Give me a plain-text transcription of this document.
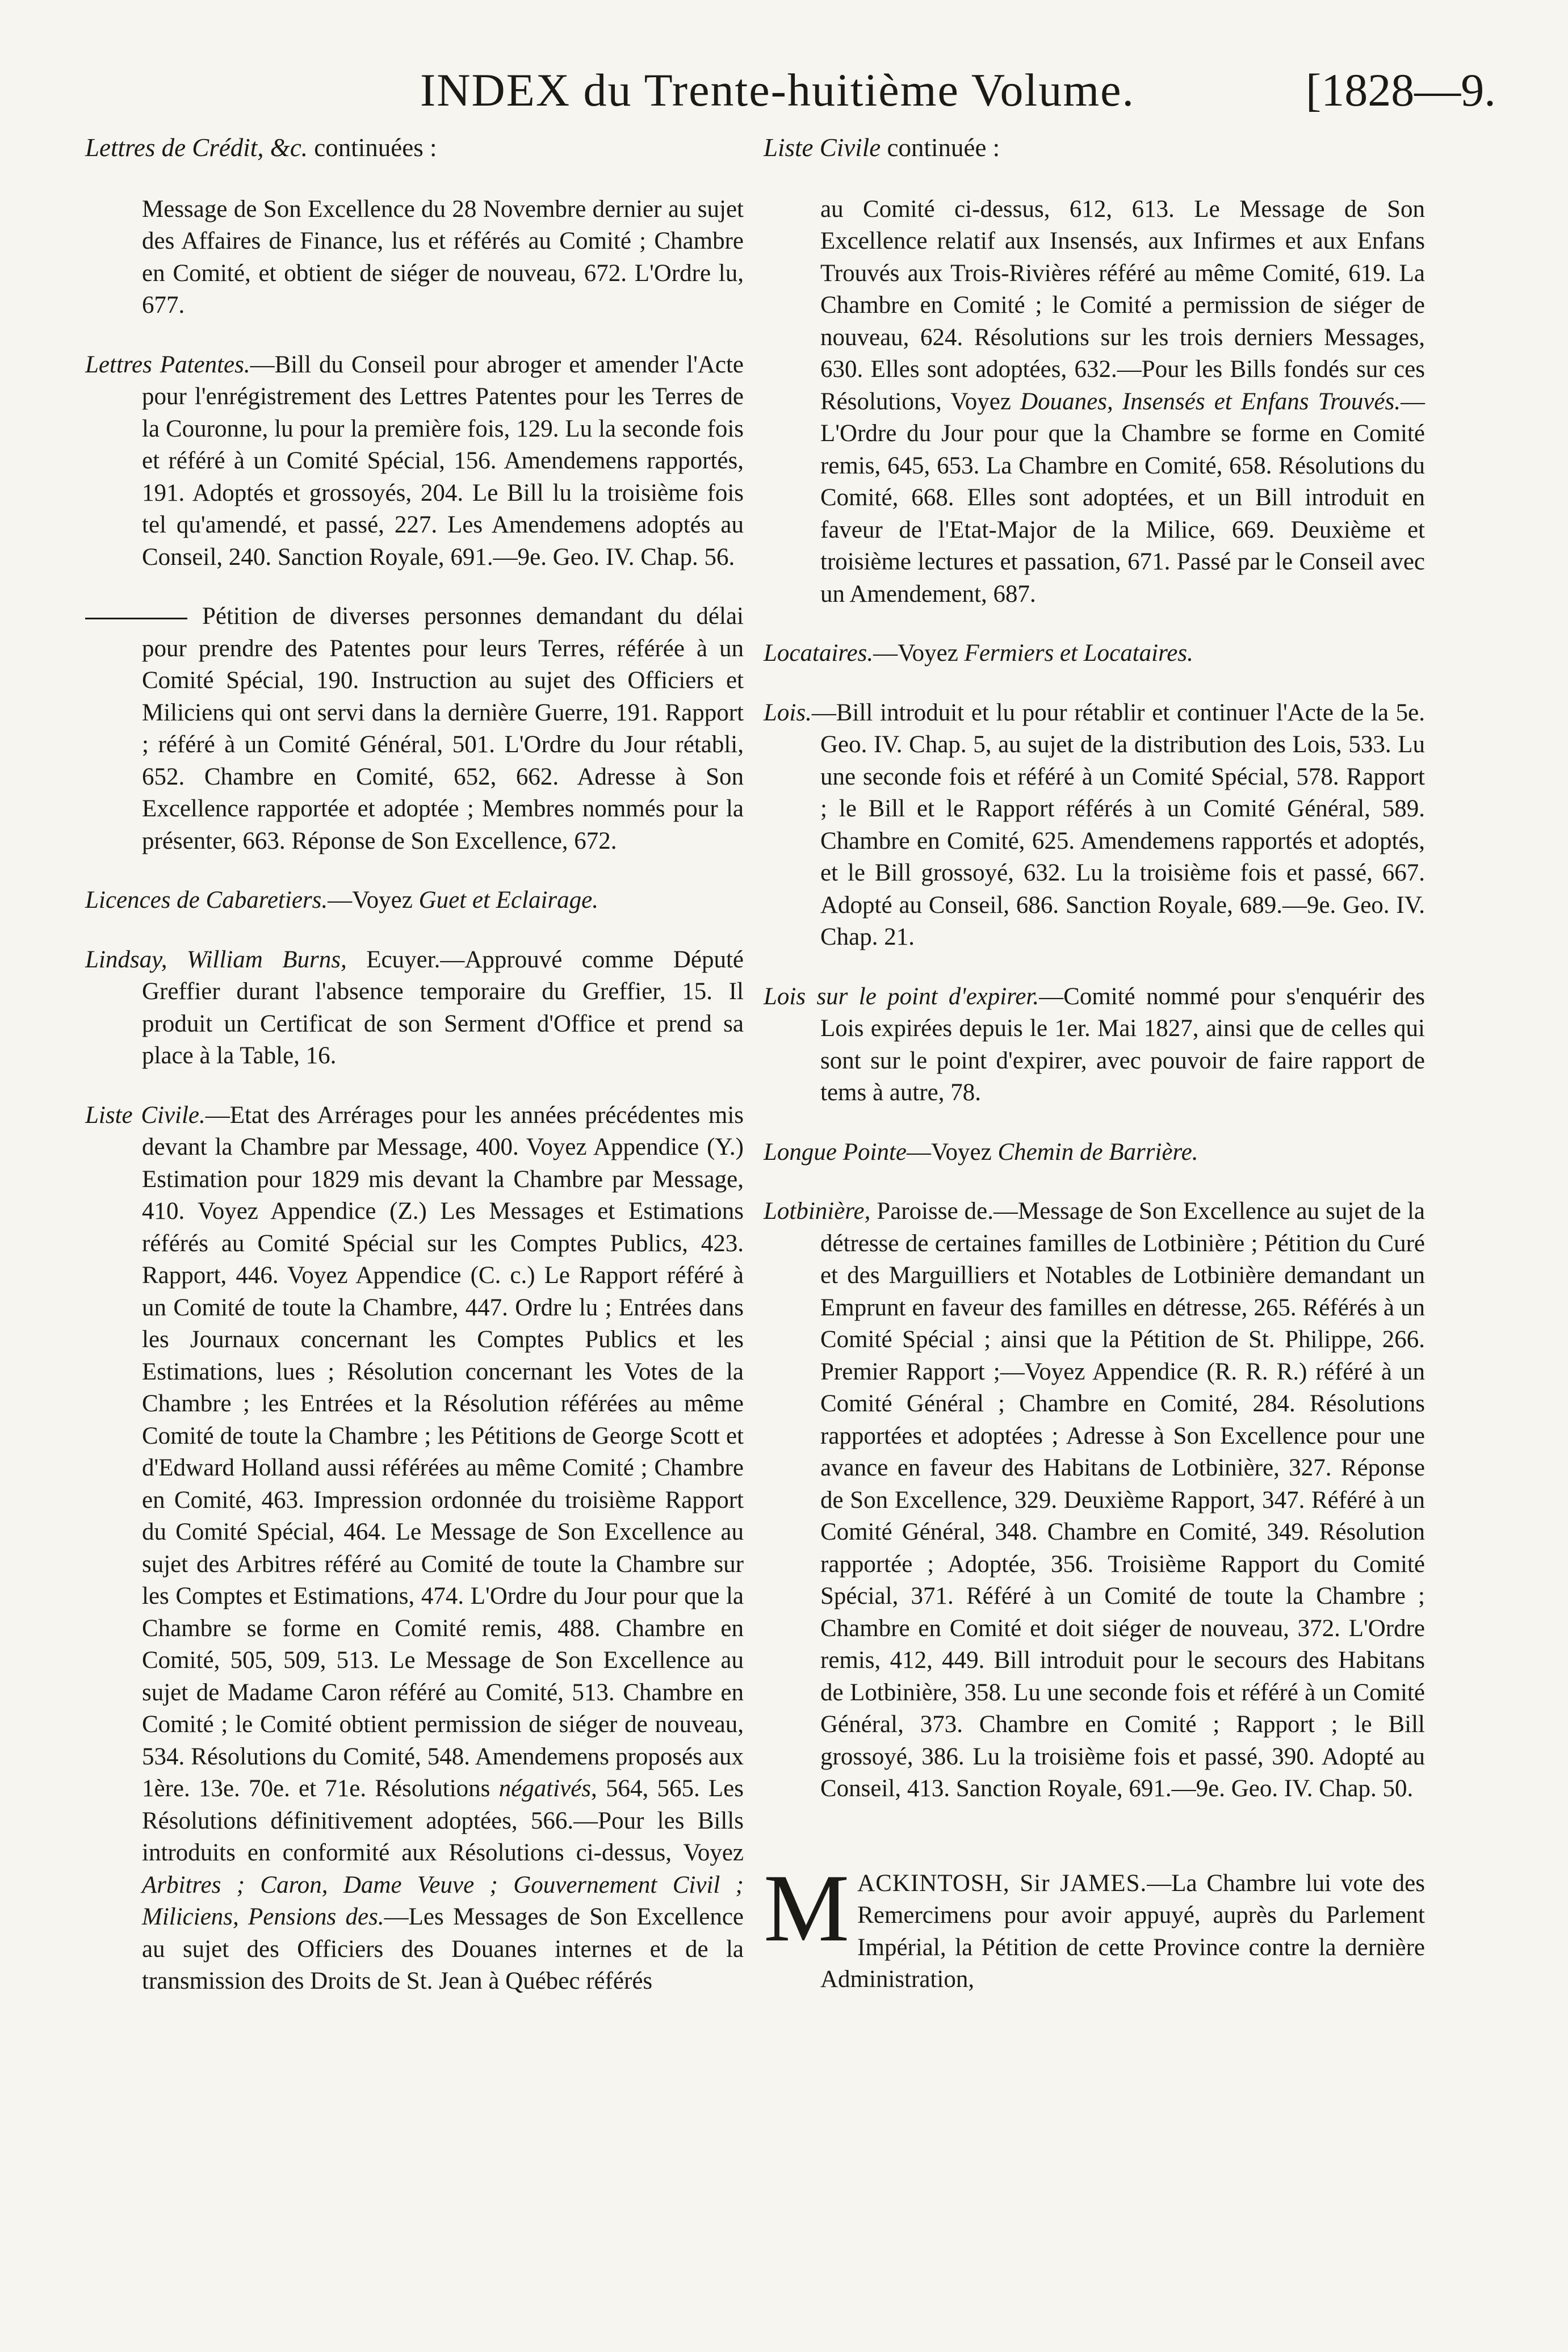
INDEX du Trente-huitième Volume.	[1828—9.

Lettres de Crédit, &c. continuées :

Message de Son Excellence du 28 Novembre dernier au sujet des Affaires de Finance, lus et référés au Comité ; Chambre en Comité, et obtient de siéger de nouveau, 672. L'Ordre lu, 677.

Lettres Patentes.—Bill du Conseil pour abroger et amender l'Acte pour l'enrégistrement des Lettres Patentes pour les Terres de la Couronne, lu pour la première fois, 129. Lu la seconde fois et référé à un Comité Spécial, 156. Amendemens rapportés, 191. Adoptés et grossoyés, 204. Le Bill lu la troisième fois tel qu'amendé, et passé, 227. Les Amendemens adoptés au Conseil, 240. Sanction Royale, 691.—9e. Geo. IV. Chap. 56.

Pétition de diverses personnes demandant du délai pour prendre des Patentes pour leurs Terres, référée à un Comité Spécial, 190. Instruction au sujet des Officiers et Miliciens qui ont servi dans la dernière Guerre, 191. Rapport ; référé à un Comité Général, 501. L'Ordre du Jour rétabli, 652. Chambre en Comité, 652, 662. Adresse à Son Excellence rapportée et adoptée ; Membres nommés pour la présenter, 663. Réponse de Son Excellence, 672.

Licences de Cabaretiers.—Voyez Guet et Eclairage.

Lindsay, William Burns, Ecuyer.—Approuvé comme Député Greffier durant l'absence temporaire du Greffier, 15. Il produit un Certificat de son Serment d'Office et prend sa place à la Table, 16.

Liste Civile.—Etat des Arrérages pour les années précédentes mis devant la Chambre par Message, 400. Voyez Appendice (Y.) Estimation pour 1829 mis devant la Chambre par Message, 410. Voyez Appendice (Z.) Les Messages et Estimations référés au Comité Spécial sur les Comptes Publics, 423. Rapport, 446. Voyez Appendice (C. c.) Le Rapport référé à un Comité de toute la Chambre, 447. Ordre lu ; Entrées dans les Journaux concernant les Comptes Publics et les Estimations, lues ; Résolution concernant les Votes de la Chambre ; les Entrées et la Résolution référées au même Comité de toute la Chambre ; les Pétitions de George Scott et d'Edward Holland aussi référées au même Comité ; Chambre en Comité, 463. Impression ordonnée du troisième Rapport du Comité Spécial, 464. Le Message de Son Excellence au sujet des Arbitres référé au Comité de toute la Chambre sur les Comptes et Estimations, 474. L'Ordre du Jour pour que la Chambre se forme en Comité remis, 488. Chambre en Comité, 505, 509, 513. Le Message de Son Excellence au sujet de Madame Caron référé au Comité, 513. Chambre en Comité ; le Comité obtient permission de siéger de nouveau, 534. Résolutions du Comité, 548. Amendemens proposés aux 1ère. 13e. 70e. et 71e. Résolutions négativés, 564, 565. Les Résolutions définitivement adoptées, 566.—Pour les Bills introduits en conformité aux Résolutions ci-dessus, Voyez Arbitres ; Caron, Dame Veuve ; Gouvernement Civil ; Miliciens, Pensions des.—Les Messages de Son Excellence au sujet des Officiers des Douanes internes et de la transmission des Droits de St. Jean à Québec référés

Liste Civile continuée :

au Comité ci-dessus, 612, 613. Le Message de Son Excellence relatif aux Insensés, aux Infirmes et aux Enfans Trouvés aux Trois-Rivières référé au même Comité, 619. La Chambre en Comité ; le Comité a permission de siéger de nouveau, 624. Résolutions sur les trois derniers Messages, 630. Elles sont adoptées, 632.—Pour les Bills fondés sur ces Résolutions, Voyez Douanes, Insensés et Enfans Trouvés.—L'Ordre du Jour pour que la Chambre se forme en Comité remis, 645, 653. La Chambre en Comité, 658. Résolutions du Comité, 668. Elles sont adoptées, et un Bill introduit en faveur de l'Etat-Major de la Milice, 669. Deuxième et troisième lectures et passation, 671. Passé par le Conseil avec un Amendement, 687.

Locataires.—Voyez Fermiers et Locataires.

Lois.—Bill introduit et lu pour rétablir et continuer l'Acte de la 5e. Geo. IV. Chap. 5, au sujet de la distribution des Lois, 533. Lu une seconde fois et référé à un Comité Spécial, 578. Rapport ; le Bill et le Rapport référés à un Comité Général, 589. Chambre en Comité, 625. Amendemens rapportés et adoptés, et le Bill grossoyé, 632. Lu la troisième fois et passé, 667. Adopté au Conseil, 686. Sanction Royale, 689.—9e. Geo. IV. Chap. 21.

Lois sur le point d'expirer.—Comité nommé pour s'enquérir des Lois expirées depuis le 1er. Mai 1827, ainsi que de celles qui sont sur le point d'expirer, avec pouvoir de faire rapport de tems à autre, 78.

Longue Pointe—Voyez Chemin de Barrière.

Lotbinière, Paroisse de.—Message de Son Excellence au sujet de la détresse de certaines familles de Lotbinière ; Pétition du Curé et des Marguilliers et Notables de Lotbinière demandant un Emprunt en faveur des familles en détresse, 265. Référés à un Comité Spécial ; ainsi que la Pétition de St. Philippe, 266. Premier Rapport ;—Voyez Appendice (R. R. R.) référé à un Comité Général ; Chambre en Comité, 284. Résolutions rapportées et adoptées ; Adresse à Son Excellence pour une avance en faveur des Habitans de Lotbinière, 327. Réponse de Son Excellence, 329. Deuxième Rapport, 347. Référé à un Comité Général, 348. Chambre en Comité, 349. Résolution rapportée ; Adoptée, 356. Troisième Rapport du Comité Spécial, 371. Référé à un Comité de toute la Chambre ; Chambre en Comité et doit siéger de nouveau, 372. L'Ordre remis, 412, 449. Bill introduit pour le secours des Habitans de Lotbinière, 358. Lu une seconde fois et référé à un Comité Général, 373. Chambre en Comité ; Rapport ; le Bill grossoyé, 386. Lu la troisième fois et passé, 390. Adopté au Conseil, 413. Sanction Royale, 691.—9e. Geo. IV. Chap. 50.

MACKINTOSH, Sir JAMES.—La Chambre lui vote des Remercimens pour avoir appuyé, auprès du Parlement Impérial, la Pétition de cette Province contre la dernière Administration,
